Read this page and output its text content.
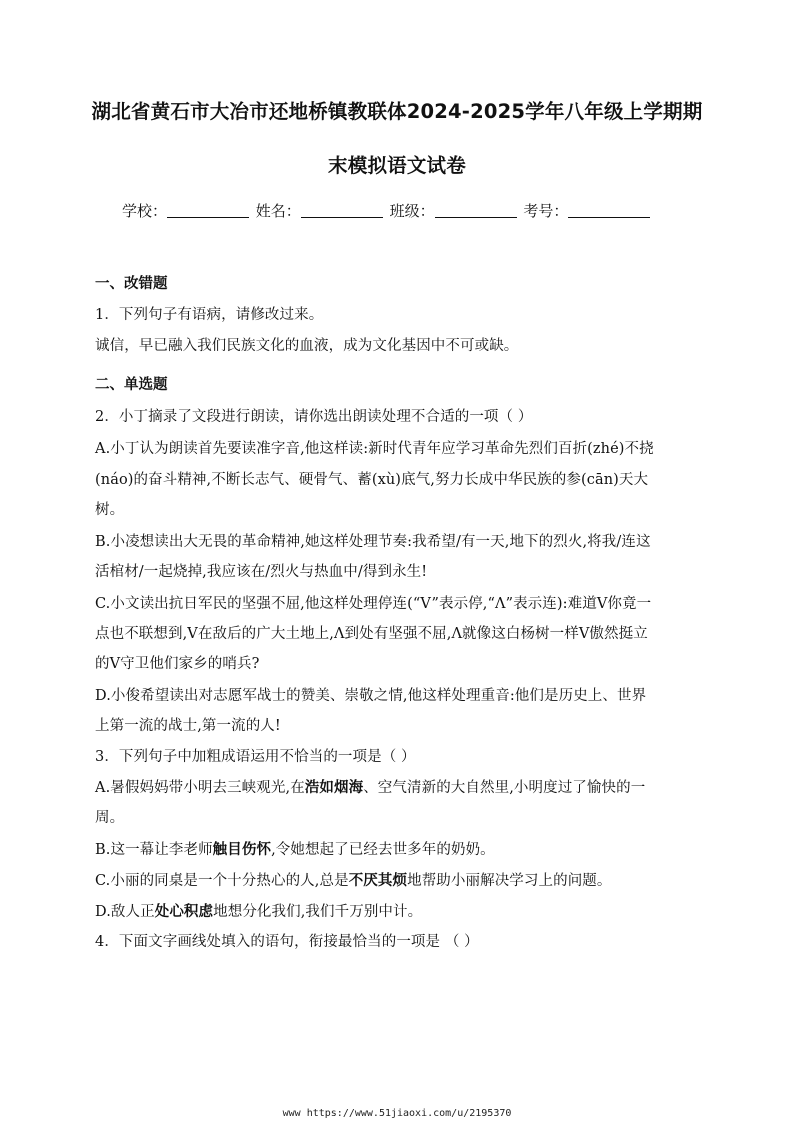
湖北省黄石市大冶市还地桥镇教联体2024-2025学年八年级上学期期
末模拟语文试卷
学校：	姓名：	班级：	考号：
一、改错题
1．下列句子有语病，请修改过来。
诚信，早已融入我们民族文化的血液，成为文化基因中不可或缺。
二、单选题
2．小丁摘录了文段进行朗读，请你选出朗读处理不合适的一项（ ）
A.小丁认为朗读首先要读准字音,他这样读:新时代青年应学习革命先烈们百折(zhé)不挠
(náo)的奋斗精神,不断长志气、硬骨气、蓄(xù)底气,努力长成中华民族的参(cān)天大
树。
B.小凌想读出大无畏的革命精神,她这样处理节奏:我希望/有一天,地下的烈火,将我/连这
活棺材/一起烧掉,我应该在/烈火与热血中/得到永生!
C.小文读出抗日军民的坚强不屈,他这样处理停连(“V”表示停,“Λ”表示连):难道V你竟一
点也不联想到,V在敌后的广大土地上,Λ到处有坚强不屈,Λ就像这白杨树一样V傲然挺立
的V守卫他们家乡的哨兵?
D.小俊希望读出对志愿军战士的赞美、崇敬之情,他这样处理重音:他们是历史上、世界
上第一流的战士,第一流的人!
3．下列句子中加粗成语运用不恰当的一项是（ ）
A.暑假妈妈带小明去三峡观光,在浩如烟海、空气清新的大自然里,小明度过了愉快的一
周。
B.这一幕让李老师触目伤怀,令她想起了已经去世多年的奶奶。
C.小丽的同桌是一个十分热心的人,总是不厌其烦地帮助小丽解决学习上的问题。
D.敌人正处心积虑地想分化我们,我们千万别中计。
4．下面文字画线处填入的语句，衔接最恰当的一项是 （ ）
www https://www.51jiaoxi.com/u/2195370
